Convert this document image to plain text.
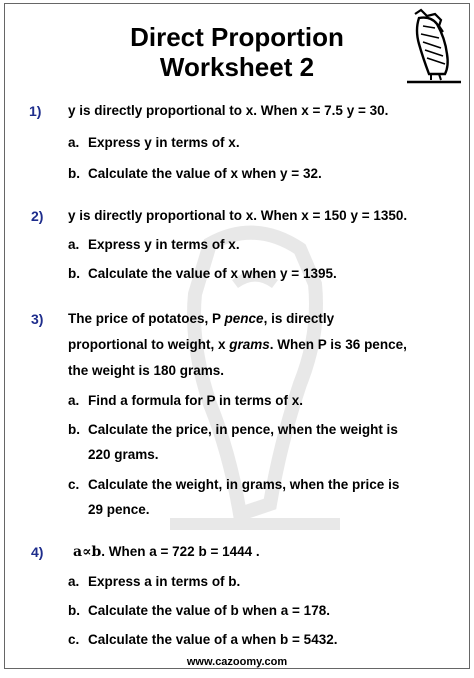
Direct Proportion
Worksheet 2
1) y is directly proportional to x. When x = 7.5 y = 30.
a. Express y in terms of x.
b. Calculate the value of x when y = 32.
2) y is directly proportional to x. When x = 150 y = 1350.
a. Express y in terms of x.
b. Calculate the value of x when y = 1395.
3) The price of potatoes, P pence, is directly
proportional to weight, x grams. When P is 36 pence,
the weight is 180 grams.
a. Find a formula for P in terms of x.
b. Calculate the price, in pence, when the weight is
220 grams.
c. Calculate the weight, in grams, when the price is
29 pence.
4) a∝b. When a = 722 b = 1444 .
a. Express a in terms of b.
b. Calculate the value of b when a = 178.
c. Calculate the value of a when b = 5432.
www.cazoomy.com
